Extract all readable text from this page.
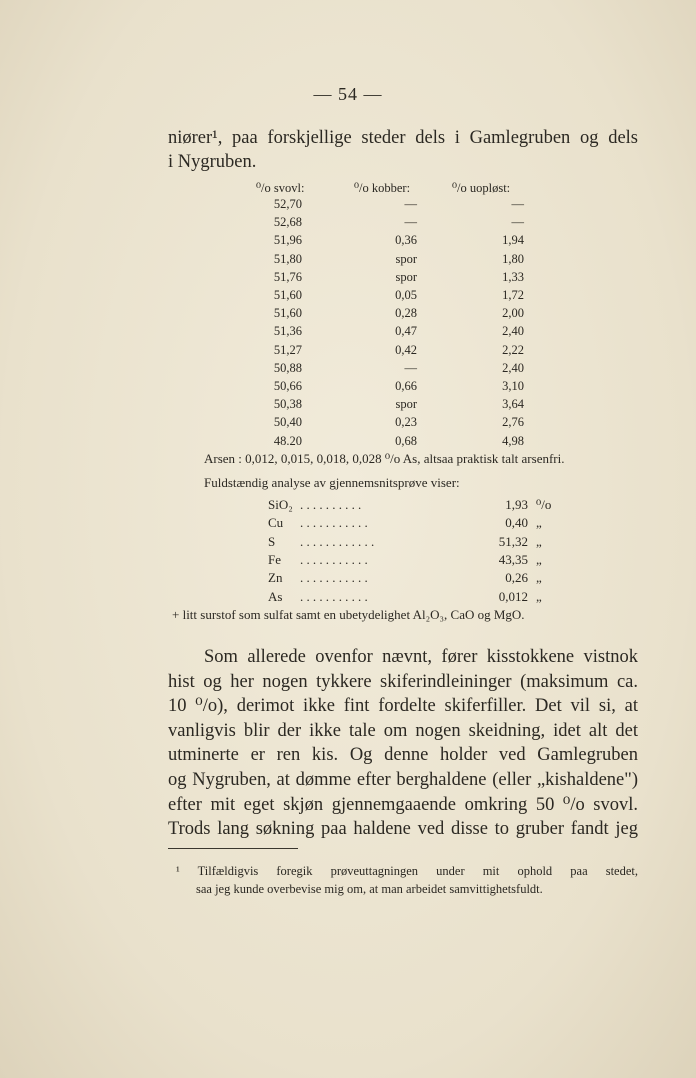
— 54 —
niører¹, paa forskjellige steder dels i Gamlegruben og dels
i Nygruben.
⁰/o svovl:	⁰/o kobber:	⁰/o uopløst:
52,70	—	—
52,68	—	—
51,96	0,36	1,94
51,80	spor	1,80
51,76	spor	1,33
51,60	0,05	1,72
51,60	0,28	2,00
51,36	0,47	2,40
51,27	0,42	2,22
50,88	—	2,40
50,66	0,66	3,10
50,38	spor	3,64
50,40	0,23	2,76
48.20	0,68	4,98
Arsen : 0,012, 0,015, 0,018, 0,028 ⁰/o As, altsaa praktisk talt arsenfri.
Fuldstændig analyse av gjennemsnitsprøve viser:
SiO₂ ..........	1,93 ⁰/o
Cu ...........	0,40 „
S ............	51,32 „
Fe ...........	43,35 „
Zn ...........	0,26 „
As ...........	0,012 „
+ litt surstof som sulfat samt en ubetydelighet Al₂O₃, CaO og MgO.
Som allerede ovenfor nævnt, fører kisstokkene vistnok
hist og her nogen tykkere skiferindleininger (maksimum ca.
10 ⁰/o), derimot ikke fint fordelte skiferfiller. Det vil si, at
vanligvis blir der ikke tale om nogen skeidning, idet alt det
utminerte er ren kis. Og denne holder ved Gamlegruben
og Nygruben, at dømme efter berghaldene (eller „kishaldene")
efter mit eget skjøn gjennemgaaende omkring 50 ⁰/o svovl.
Trods lang søkning paa haldene ved disse to gruber fandt jeg
¹ Tilfældigvis foregik prøveuttagningen under mit ophold paa stedet,
saa jeg kunde overbevise mig om, at man arbeidet samvittighetsfuldt.
